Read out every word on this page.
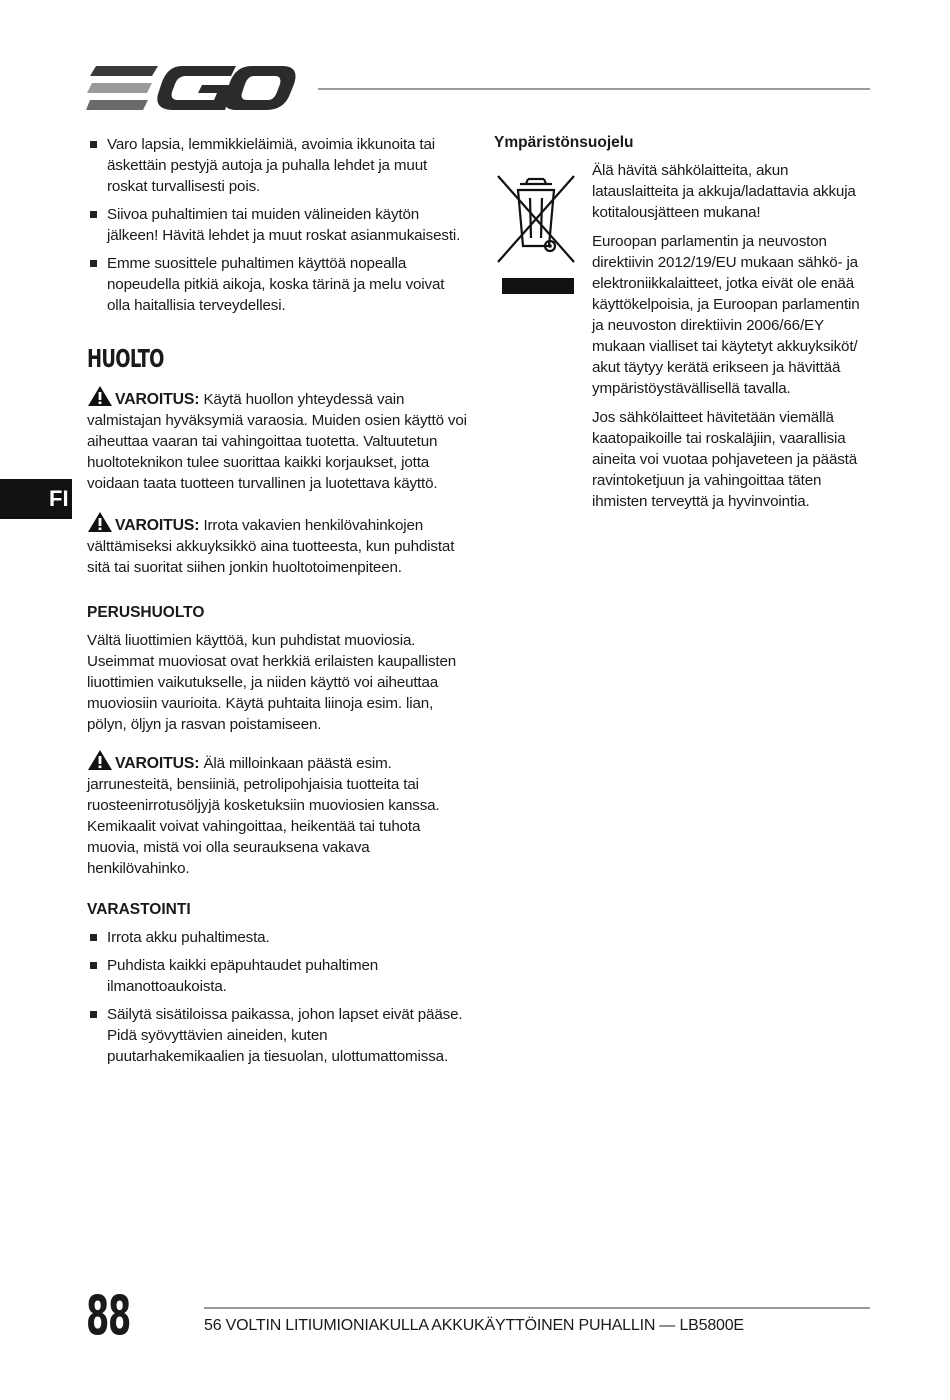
FI
Varo lapsia, lemmikkieläimiä, avoimia ikkunoita tai äskettäin pestyjä autoja ja puhalla lehdet ja muut roskat turvallisesti pois.
Siivoa puhaltimien tai muiden välineiden käytön jälkeen! Hävitä lehdet ja muut roskat asianmukaisesti.
Emme suosittele puhaltimen käyttöä nopealla nopeudella pitkiä aikoja, koska tärinä ja melu voivat olla haitallisia terveydellesi.
HUOLTO

VAROITUS: Käytä huollon yhteydessä vain valmistajan hyväksymiä varaosia. Muiden osien käyttö voi aiheuttaa vaaran tai vahingoittaa tuotetta. Valtuutetun huoltoteknikon tulee suorittaa kaikki korjaukset, jotta voidaan taata tuotteen turvallinen ja luotettava käyttö.

VAROITUS: Irrota vakavien henkilövahinkojen välttämiseksi akkuyksikkö aina tuotteesta, kun puhdistat sitä tai suoritat siihen jonkin huoltotoimenpiteen.

PERUSHUOLTO

Vältä liuottimien käyttöä, kun puhdistat muoviosia. Useimmat muoviosat ovat herkkiä erilaisten kaupallisten liuottimien vaikutukselle, ja niiden käyttö voi aiheuttaa muoviosiin vaurioita. Käytä puhtaita liinoja esim. lian, pölyn, öljyn ja rasvan poistamiseen.

VAROITUS: Älä milloinkaan päästä esim. jarrunesteitä, bensiiniä, petrolipohjaisia tuotteita tai ruosteenirrotusöljyjä kosketuksiin muoviosien kanssa. Kemikaalit voivat vahingoittaa, heikentää tai tuhota muovia, mistä voi olla seurauksena vakava henkilövahinko.

VARASTOINTI
Irrota akku puhaltimesta.
Puhdista kaikki epäpuhtaudet puhaltimen ilmanottoaukoista.
Säilytä sisätiloissa paikassa, johon lapset eivät pääse. Pidä syövyttävien aineiden, kuten puutarhakemikaalien ja tiesuolan, ulottumattomissa.
Ympäristönsuojelu

Älä hävitä sähkölaitteita, akun latauslaitteita ja akkuja/ladattavia akkuja kotitalousjätteen mukana!

Euroopan parlamentin ja neuvoston direktiivin 2012/19/EU mukaan sähkö- ja elektroniikkalaitteet, jotka eivät ole enää käyttökelpoisia, ja Euroopan parlamentin ja neuvoston direktiivin 2006/66/EY mukaan vialliset tai käytetyt akkuyksiköt/ akut täytyy kerätä erikseen ja hävittää ympäristöystävällisellä tavalla.

Jos sähkölaitteet hävitetään viemällä kaatopaikoille tai roskaläjiin, vaarallisia aineita voi vuotaa pohjaveteen ja päästä ravintoketjuun ja vahingoittaa täten ihmisten terveyttä ja hyvinvointia.

88	56 VOLTIN LITIUMIONIAKULLA AKKUKÄYTTÖINEN PUHALLIN — LB5800E
